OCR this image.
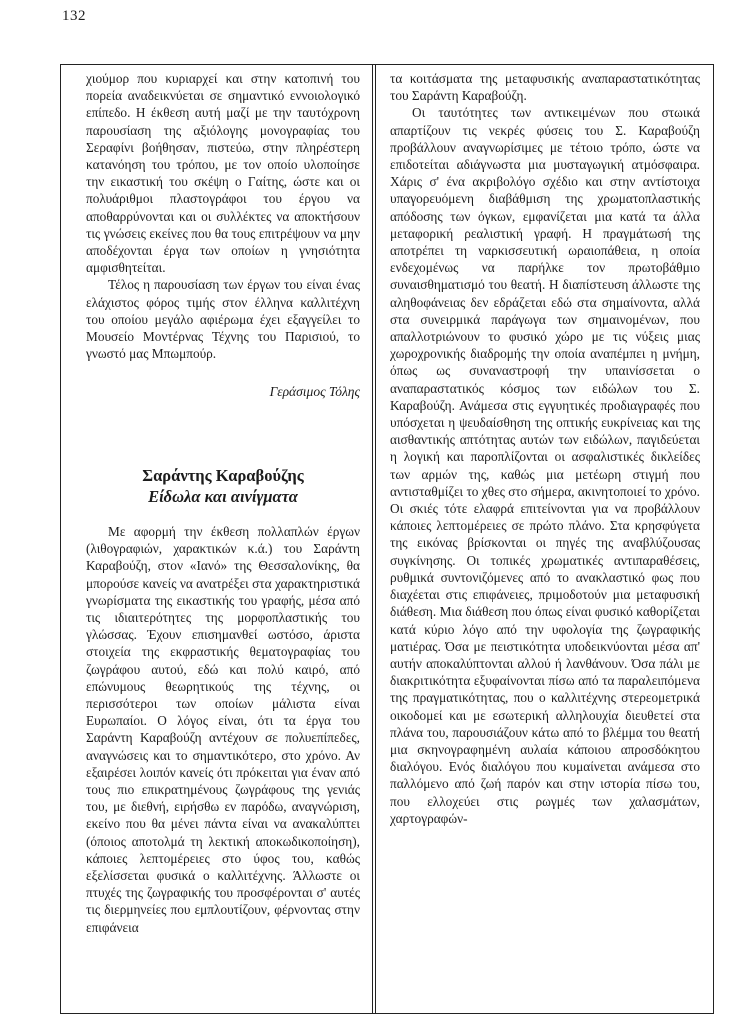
132

χιούμορ που κυριαρχεί και στην κατοπινή του πορεία αναδεικνύεται σε σημαντικό εννοιολογικό επίπεδο. Η έκθεση αυτή μαζί με την ταυτόχρονη παρουσίαση της αξιόλογης μονογραφίας του Σεραφίνι βοήθησαν, πιστεύω, στην πληρέστερη κατανόηση του τρόπου, με τον οποίο υλοποίησε την εικαστική του σκέψη ο Γαίτης, ώστε και οι πολυάριθμοι πλαστογράφοι του έργου να αποθαρρύνονται και οι συλλέκτες να αποκτήσουν τις γνώσεις εκείνες που θα τους επιτρέψουν να μην αποδέχονται έργα των οποίων η γνησιότητα αμφισθητείται.

Τέλος η παρουσίαση των έργων του είναι ένας ελάχιστος φόρος τιμής στον έλληνα καλλιτέχνη του οποίου μεγάλο αφιέρωμα έχει εξαγγείλει το Μουσείο Μοντέρνας Τέχνης του Παρισιού, το γνωστό μας Μπωμπούρ.

Γεράσιμος Τόλης
Σαράντης Καραβούζης
Είδωλα και αινίγματα

Με αφορμή την έκθεση πολλαπλών έργων (λιθογραφιών, χαρακτικών κ.ά.) του Σαράντη Καραβούζη, στον «Ιανό» της Θεσσαλονίκης, θα μπορούσε κανείς να ανατρέξει στα χαρακτηριστικά γνωρίσματα της εικαστικής του γραφής, μέσα από τις ιδιαιτερότητες της μορφοπλαστικής του γλώσσας. Έχουν επισημανθεί ωστόσο, άριστα στοιχεία της εκφραστικής θεματογραφίας του ζωγράφου αυτού, εδώ και πολύ καιρό, από επώνυμους θεωρητικούς της τέχνης, οι περισσότεροι των οποίων μάλιστα είναι Ευρωπαίοι. Ο λόγος είναι, ότι τα έργα του Σαράντη Καραβούζη αντέχουν σε πολυεπίπεδες, αναγνώσεις και το σημαντικότερο, στο χρόνο. Αν εξαιρέσει λοιπόν κανείς ότι πρόκειται για έναν από τους πιο επικρατημένους ζωγράφους της γενιάς του, με διεθνή, ειρήσθω εν παρόδω, αναγνώριση, εκείνο που θα μένει πάντα είναι να ανακαλύπτει (όποιος αποτολμά τη λεκτική αποκωδικοποίηση), κάποιες λεπτομέρειες στο ύφος του, καθώς εξελίσσεται φυσικά ο καλλιτέχνης. Άλλωστε οι πτυχές της ζωγραφικής του προσφέρονται σ' αυτές τις διερμηνείες που εμπλουτίζουν, φέρνοντας στην επιφάνεια

τα κοιτάσματα της μεταφυσικής αναπαραστατικότητας του Σαράντη Καραβούζη.

Οι ταυτότητες των αντικειμένων που στωικά απαρτίζουν τις νεκρές φύσεις του Σ. Καραβούζη προβάλλουν αναγνωρίσιμες με τέτοιο τρόπο, ώστε να επιδοτείται αδιάγνωστα μια μυσταγωγική ατμόσφαιρα. Χάρις σ' ένα ακριβολόγο σχέδιο και στην αντίστοιχα υπαγορευόμενη διαβάθμιση της χρωματοπλαστικής απόδοσης των όγκων, εμφανίζεται μια κατά τα άλλα μεταφορική ρεαλιστική γραφή. Η πραγμάτωσή της αποτρέπει τη ναρκισσευτική ωραιοπάθεια, η οποία ενδεχομένως να παρήλκε τον πρωτοβάθμιο συναισθηματισμό του θεατή. Η διαπίστευση άλλωστε της αληθοφάνειας δεν εδράζεται εδώ στα σημαίνοντα, αλλά στα συνειρμικά παράγωγα των σημαινομένων, που απαλλοτριώνουν το φυσικό χώρο με τις νύξεις μιας χωροχρονικής διαδρομής την οποία αναπέμπει η μνήμη, όπως ως συναναστροφή την υπαινίσσεται ο αναπαραστατικός κόσμος των ειδώλων του Σ. Καραβούζη. Ανάμεσα στις εγγυητικές προδιαγραφές που υπόσχεται η ψευδαίσθηση της οπτικής ευκρίνειας και της αισθαντικής απτότητας αυτών των ειδώλων, παγιδεύεται η λογική και παροπλίζονται οι ασφαλιστικές δικλείδες των αρμών της, καθώς μια μετέωρη στιγμή που αντισταθμίζει το χθες στο σήμερα, ακινητοποιεί το χρόνο. Οι σκιές τότε ελαφρά επιτείνονται για να προβάλλουν κάποιες λεπτομέρειες σε πρώτο πλάνο. Στα κρησφύγετα της εικόνας βρίσκονται οι πηγές της αναβλύζουσας συγκίνησης. Οι τοπικές χρωματικές αντιπαραθέσεις, ρυθμικά συντονιζόμενες από το ανακλαστικό φως που διαχέεται στις επιφάνειες, πριμοδοτούν μια μεταφυσική διάθεση. Μια διάθεση που όπως είναι φυσικό καθορίζεται κατά κύριο λόγο από την υφολογία της ζωγραφικής ματιέρας. Όσα με πειστικότητα υποδεικνύονται μέσα απ' αυτήν αποκαλύπτονται αλλού ή λανθάνουν. Όσα πάλι με διακριτικότητα εξυφαίνονται πίσω από τα παραλειπόμενα της πραγματικότητας, που ο καλλιτέχνης στερεομετρικά οικοδομεί και με εσωτερική αλληλουχία διευθετεί στα πλάνα του, παρουσιάζουν κάτω από το βλέμμα του θεατή μια σκηνογραφημένη αυλαία κάποιου απροσδόκητου διαλόγου. Ενός διαλόγου που κυμαίνεται ανάμεσα στο παλλόμενο από ζωή παρόν και στην ιστορία πίσω του, που ελλοχεύει στις ρωγμές των χαλασμάτων, χαρτογραφών-
